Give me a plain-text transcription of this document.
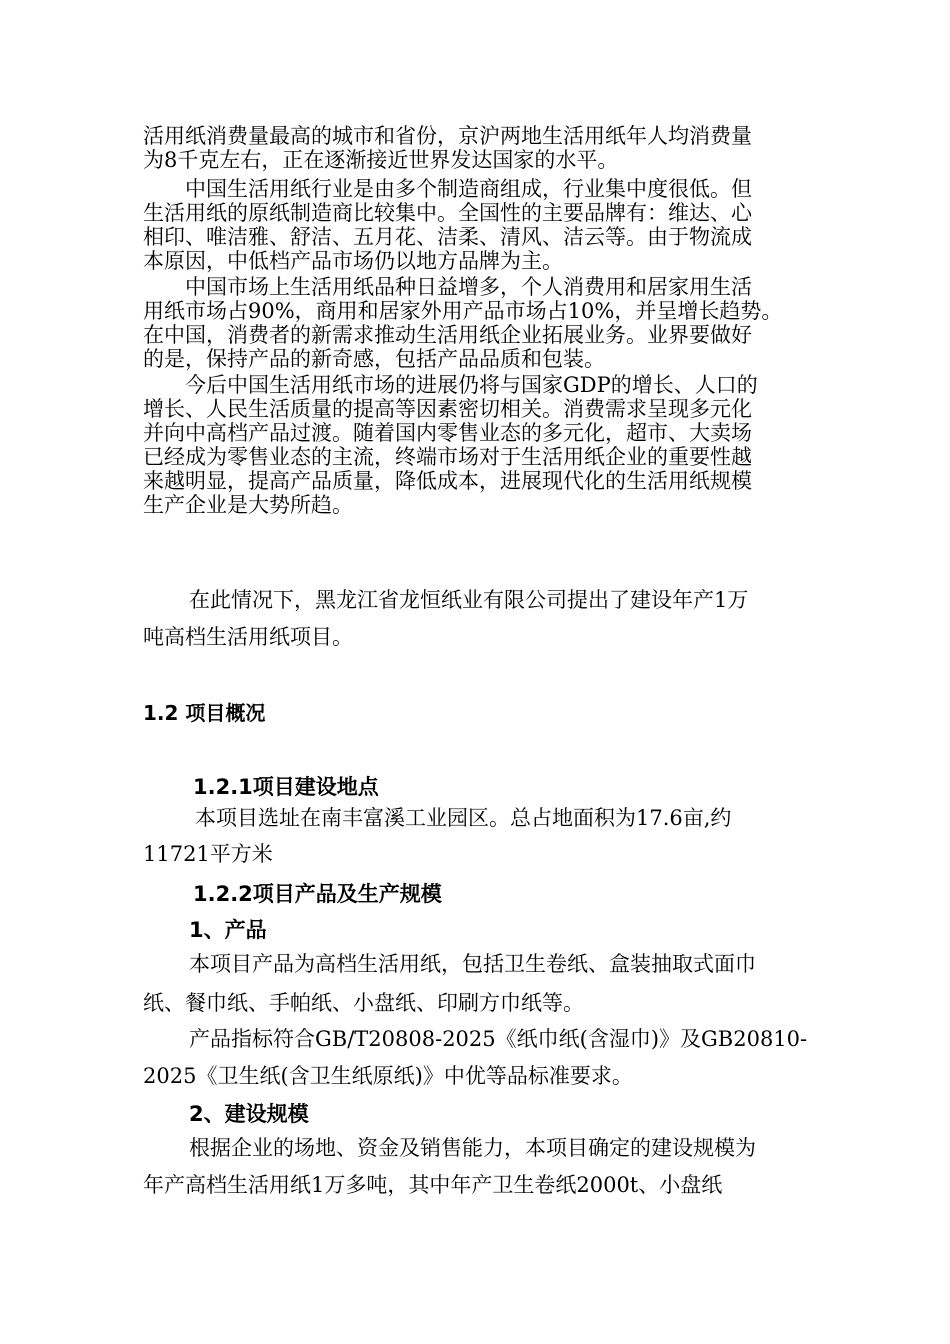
活用纸消费量最高的城市和省份，京沪两地生活用纸年人均消费量
为8千克左右，正在逐渐接近世界发达国家的水平。
　　中国生活用纸行业是由多个制造商组成，行业集中度很低。但
生活用纸的原纸制造商比较集中。全国性的主要品牌有：维达、心
相印、唯洁雅、舒洁、五月花、洁柔、清风、洁云等。由于物流成
本原因，中低档产品市场仍以地方品牌为主。
　　中国市场上生活用纸品种日益增多，个人消费用和居家用生活
用纸市场占90%，商用和居家外用产品市场占10%，并呈增长趋势。
在中国，消费者的新需求推动生活用纸企业拓展业务。业界要做好
的是，保持产品的新奇感，包括产品品质和包装。
　　今后中国生活用纸市场的进展仍将与国家GDP的增长、人口的
增长、人民生活质量的提高等因素密切相关。消费需求呈现多元化
并向中高档产品过渡。随着国内零售业态的多元化，超市、大卖场
已经成为零售业态的主流，终端市场对于生活用纸企业的重要性越
来越明显，提高产品质量，降低成本，进展现代化的生活用纸规模
生产企业是大势所趋。
在此情况下，黑龙江省龙恒纸业有限公司提出了建设年产1万
吨高档生活用纸项目。
1.2 项目概况
1.2.1项目建设地点
本项目选址在南丰富溪工业园区。总占地面积为17.6亩,约
11721平方米
1.2.2项目产品及生产规模
1、产品
本项目产品为高档生活用纸，包括卫生卷纸、盒装抽取式面巾
纸、餐巾纸、手帕纸、小盘纸、印刷方巾纸等。
产品指标符合GB/T20808-2025《纸巾纸(含湿巾)》及GB20810-
2025《卫生纸(含卫生纸原纸)》中优等品标准要求。
2、建设规模
根据企业的场地、资金及销售能力，本项目确定的建设规模为
年产高档生活用纸1万多吨，其中年产卫生卷纸2000t、小盘纸
